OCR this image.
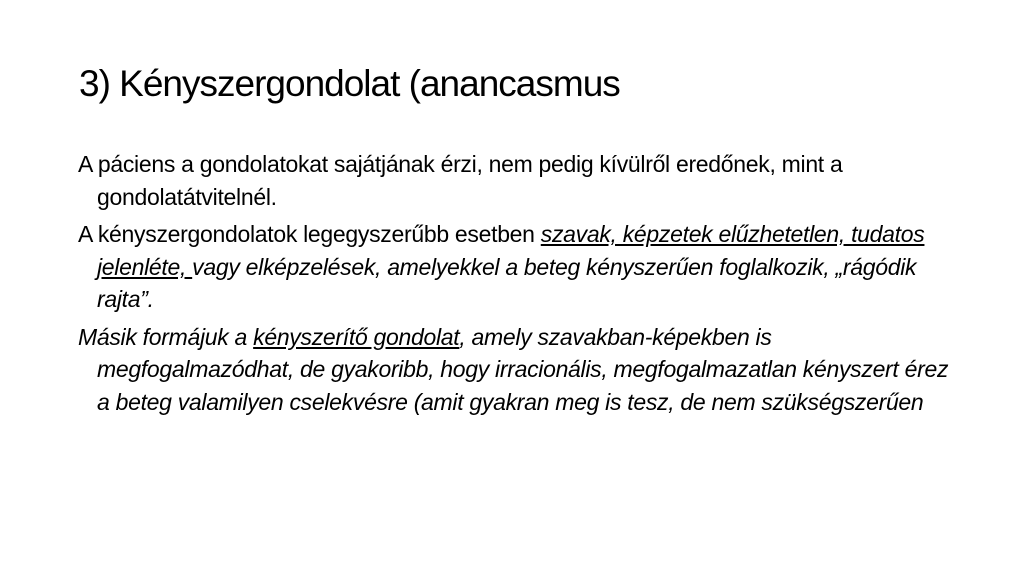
3) Kényszergondolat (anancasmus

A páciens a gondolatokat sajátjának érzi, nem pedig kívülről eredőnek, mint a gondolatátvitelnél.

A kényszergondolatok legegyszerűbb esetben szavak, képzetek elűzhetetlen, tudatos jelenléte, vagy elképzelések, amelyekkel a beteg kényszerűen foglalkozik, „rágódik rajta”.

Másik formájuk a kényszerítő gondolat, amely szavakban-képekben is megfogalmazódhat, de gyakoribb, hogy irracionális, megfogalmazatlan kényszert érez a beteg valamilyen cselekvésre (amit gyakran meg is tesz, de nem szükségszerűen
